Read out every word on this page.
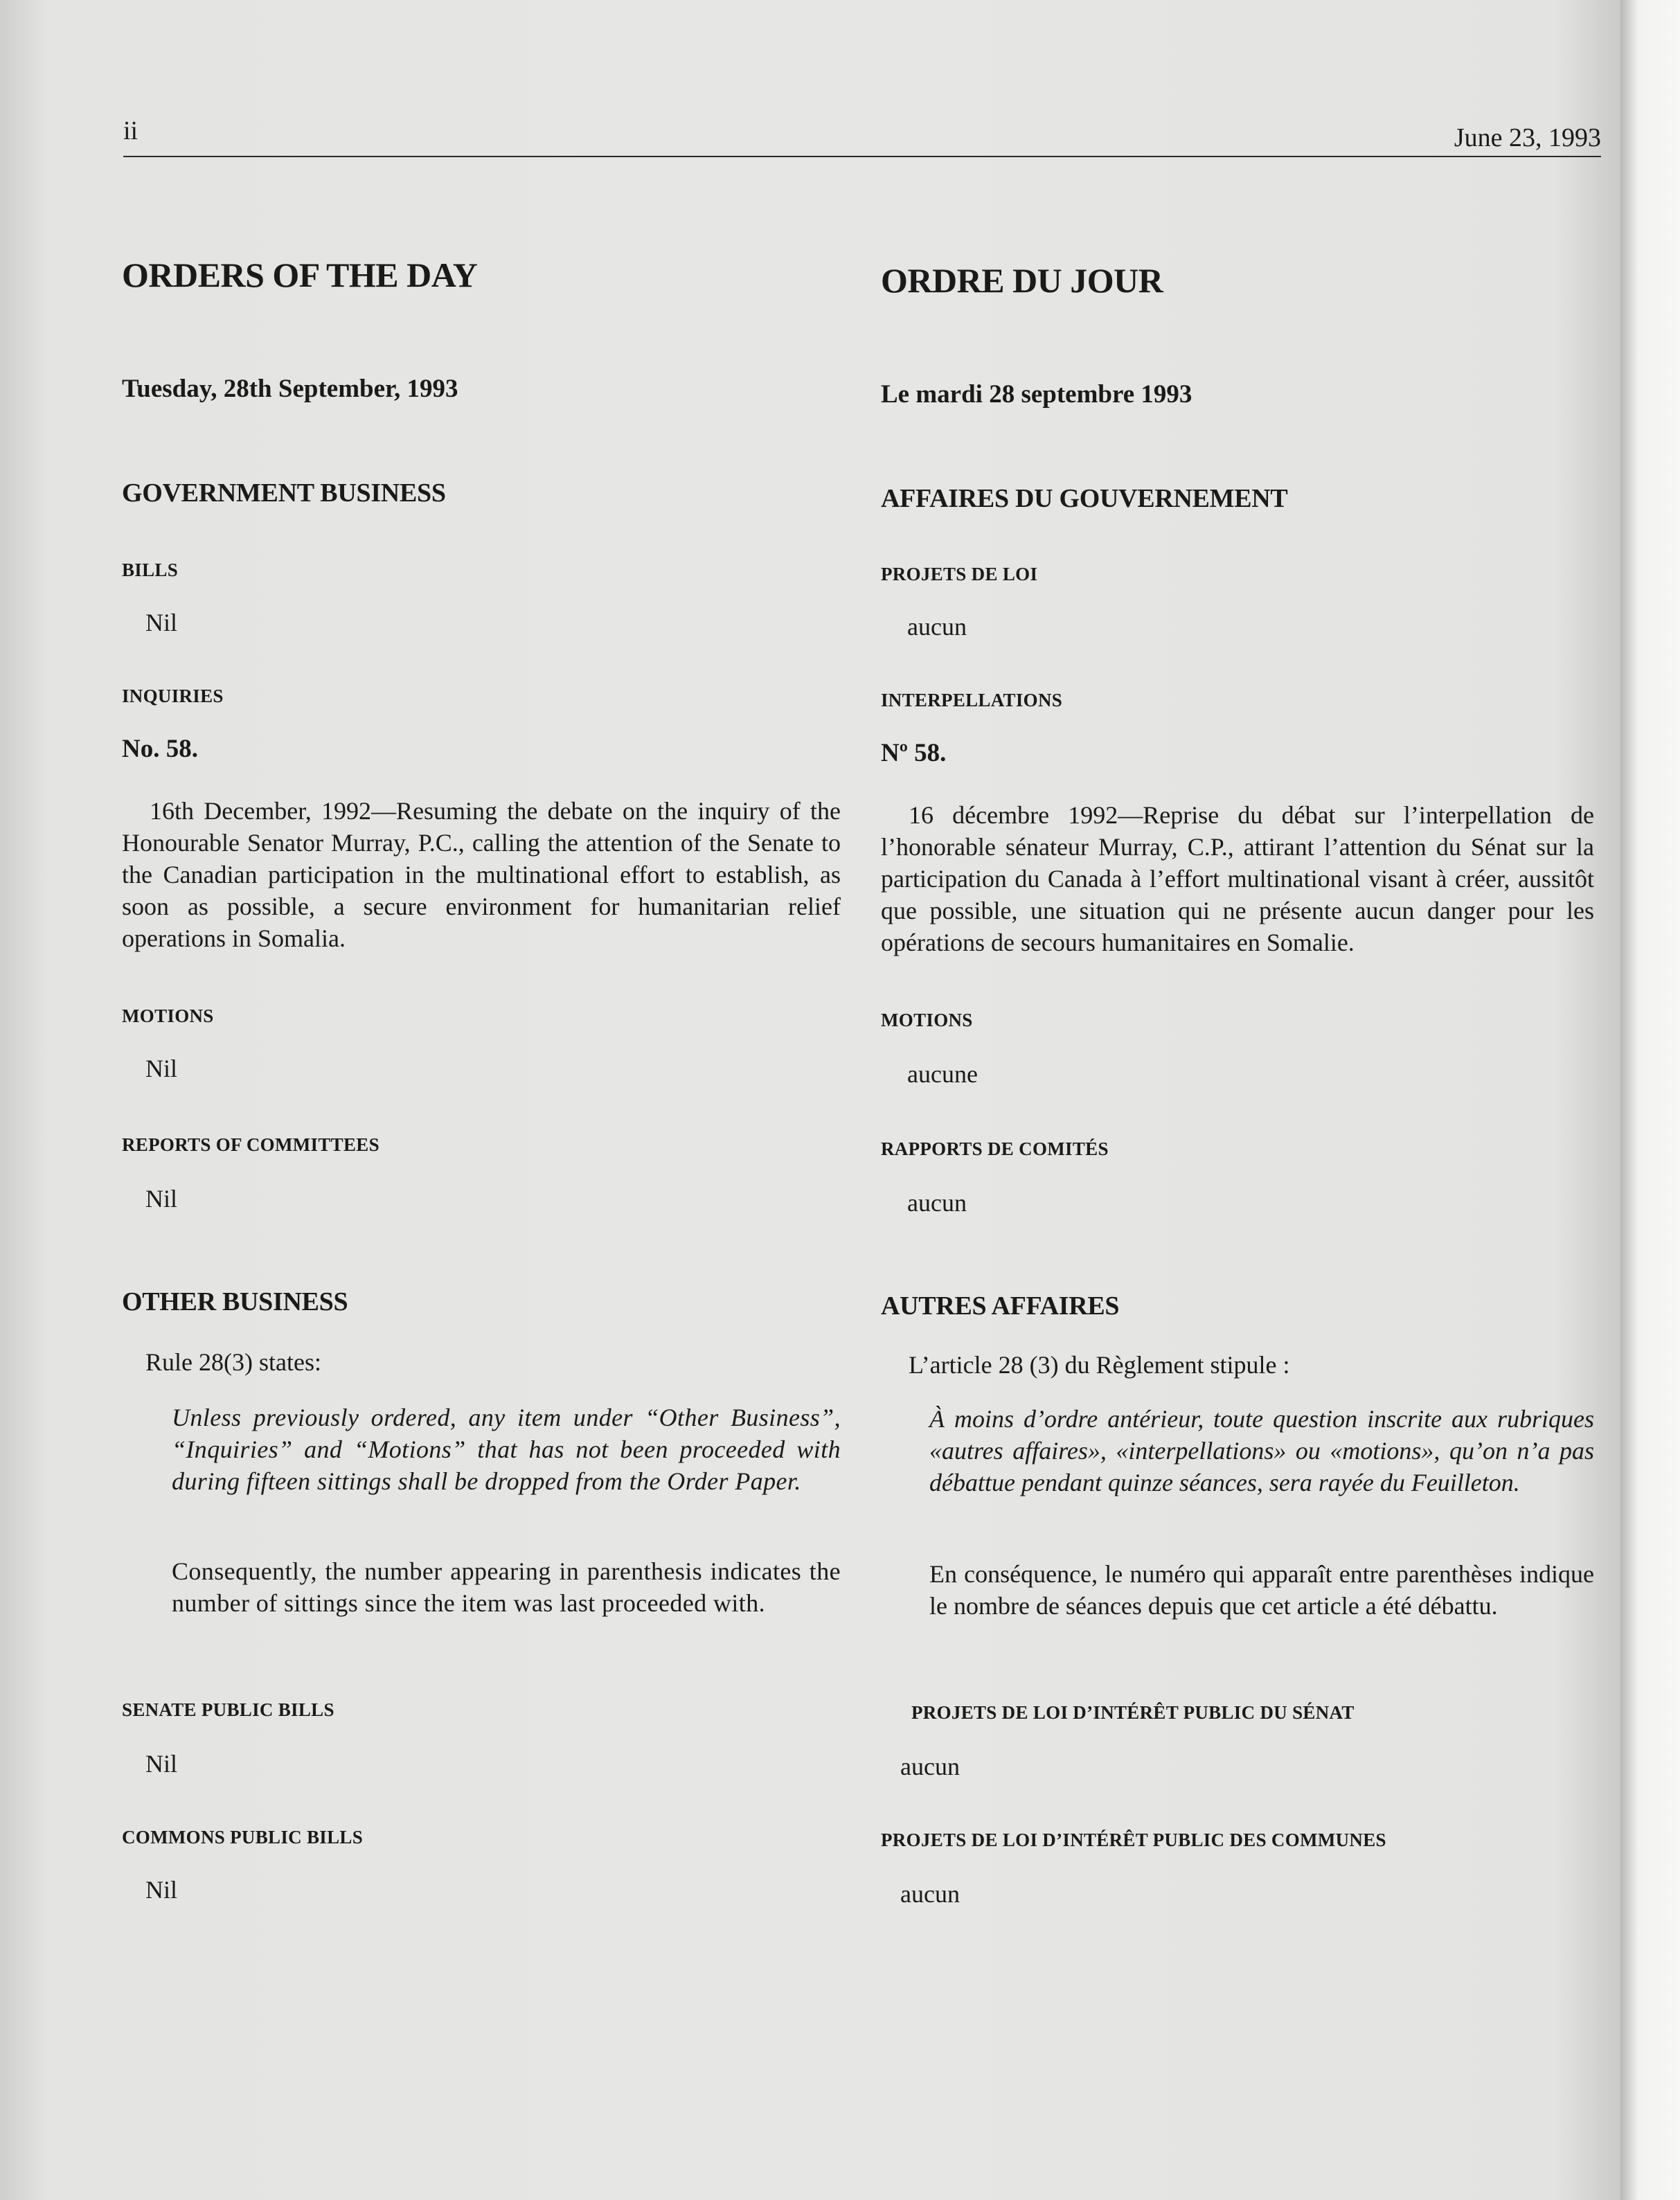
ii	June 23, 1993
ORDERS OF THE DAY
Tuesday, 28th September, 1993
GOVERNMENT BUSINESS
BILLS
Nil
INQUIRIES
No. 58.

16th December, 1992—Resuming the debate on the inquiry of the Honourable Senator Murray, P.C., calling the attention of the Senate to the Canadian participation in the multinational effort to establish, as soon as possible, a secure environment for humanitarian relief operations in Somalia.

MOTIONS
Nil
REPORTS OF COMMITTEES
Nil
OTHER BUSINESS
Rule 28(3) states:

Unless previously ordered, any item under “Other Business”, “Inquiries” and “Motions” that has not been proceeded with during fifteen sittings shall be dropped from the Order Paper.

Consequently, the number appearing in parenthesis indicates the number of sittings since the item was last proceeded with.

SENATE PUBLIC BILLS
Nil
COMMONS PUBLIC BILLS
Nil
ORDRE DU JOUR
Le mardi 28 septembre 1993
AFFAIRES DU GOUVERNEMENT
PROJETS DE LOI
aucun
INTERPELLATIONS
Nº 58.

16 décembre 1992—Reprise du débat sur l’interpellation de l’honorable sénateur Murray, C.P., attirant l’attention du Sénat sur la participation du Canada à l’effort multinational visant à créer, aussitôt que possible, une situation qui ne présente aucun danger pour les opérations de secours humanitaires en Somalie.

MOTIONS
aucune
RAPPORTS DE COMITÉS
aucun
AUTRES AFFAIRES
L’article 28 (3) du Règlement stipule :

À moins d’ordre antérieur, toute question inscrite aux rubriques «autres affaires», «interpellations» ou «motions», qu’on n’a pas débattue pendant quinze séances, sera rayée du Feuilleton.

En conséquence, le numéro qui apparaît entre parenthèses indique le nombre de séances depuis que cet article a été débattu.

PROJETS DE LOI D’INTÉRÊT PUBLIC DU SÉNAT
aucun
PROJETS DE LOI D’INTÉRÊT PUBLIC DES COMMUNES
aucun
